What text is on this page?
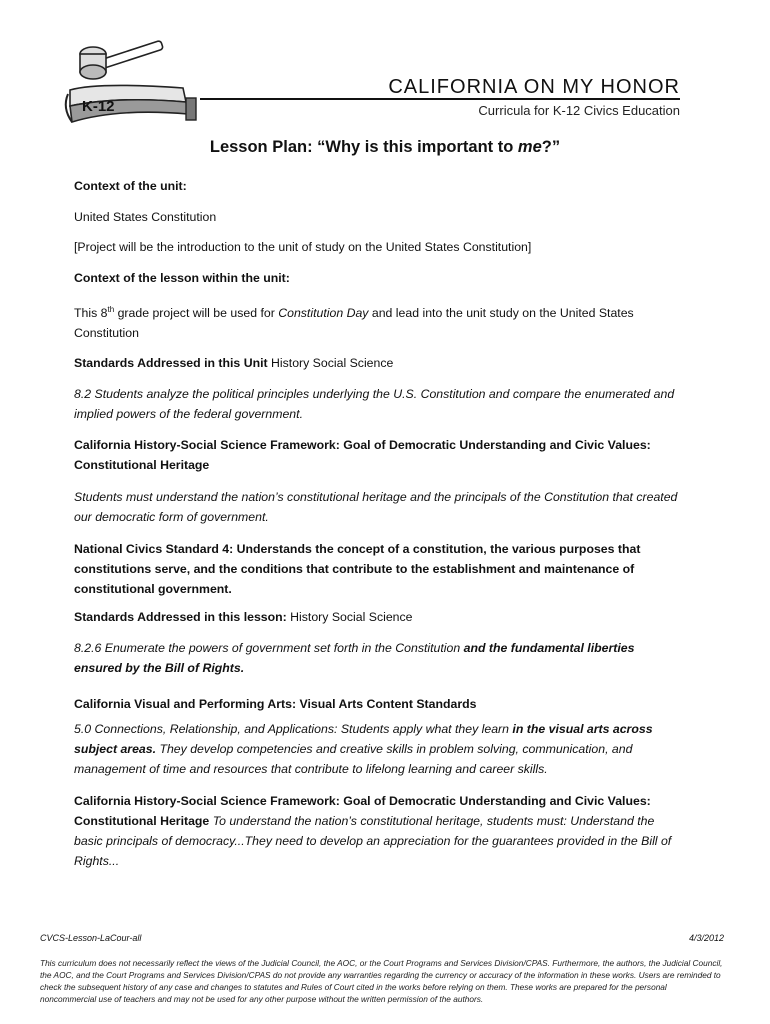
K-12
CALIFORNIA ON MY HONOR
Curricula for K-12 Civics Education
Lesson Plan: “Why is this important to me?”

Context of the unit:

United States Constitution

[Project will be the introduction to the unit of study on the United States Constitution]

Context of the lesson within the unit:

This 8th grade project will be used for Constitution Day and lead into the unit study on the United States Constitution

Standards Addressed in this Unit History Social Science

8.2 Students analyze the political principles underlying the U.S. Constitution and compare the enumerated and implied powers of the federal government.

California History-Social Science Framework: Goal of Democratic Understanding and Civic Values: Constitutional Heritage

Students must understand the nation’s constitutional heritage and the principals of the Constitution that created our democratic form of government.

National Civics Standard 4: Understands the concept of a constitution, the various purposes that constitutions serve, and the conditions that contribute to the establishment and maintenance of constitutional government.

Standards Addressed in this lesson: History Social Science

8.2.6 Enumerate the powers of government set forth in the Constitution and the fundamental liberties ensured by the Bill of Rights.

California Visual and Performing Arts: Visual Arts Content Standards

5.0 Connections, Relationship, and Applications: Students apply what they learn in the visual arts across subject areas. They develop competencies and creative skills in problem solving, communication, and management of time and resources that contribute to lifelong learning and career skills.

California History-Social Science Framework: Goal of Democratic Understanding and Civic Values: Constitutional Heritage To understand the nation’s constitutional heritage, students must: Understand the basic principals of democracy...They need to develop an appreciation for the guarantees provided in the Bill of Rights...

CVCS-Lesson-LaCour-all	4/3/2012
This curriculum does not necessarily reflect the views of the Judicial Council, the AOC, or the Court Programs and Services Division/CPAS. Furthermore, the authors, the Judicial Council, the AOC, and the Court Programs and Services Division/CPAS do not provide any warranties regarding the currency or accuracy of the information in these works. Users are reminded to check the subsequent history of any case and changes to statutes and Rules of Court cited in the works before relying on them. These works are prepared for the personal noncommercial use of teachers and may not be used for any other purpose without the written permission of the authors.
